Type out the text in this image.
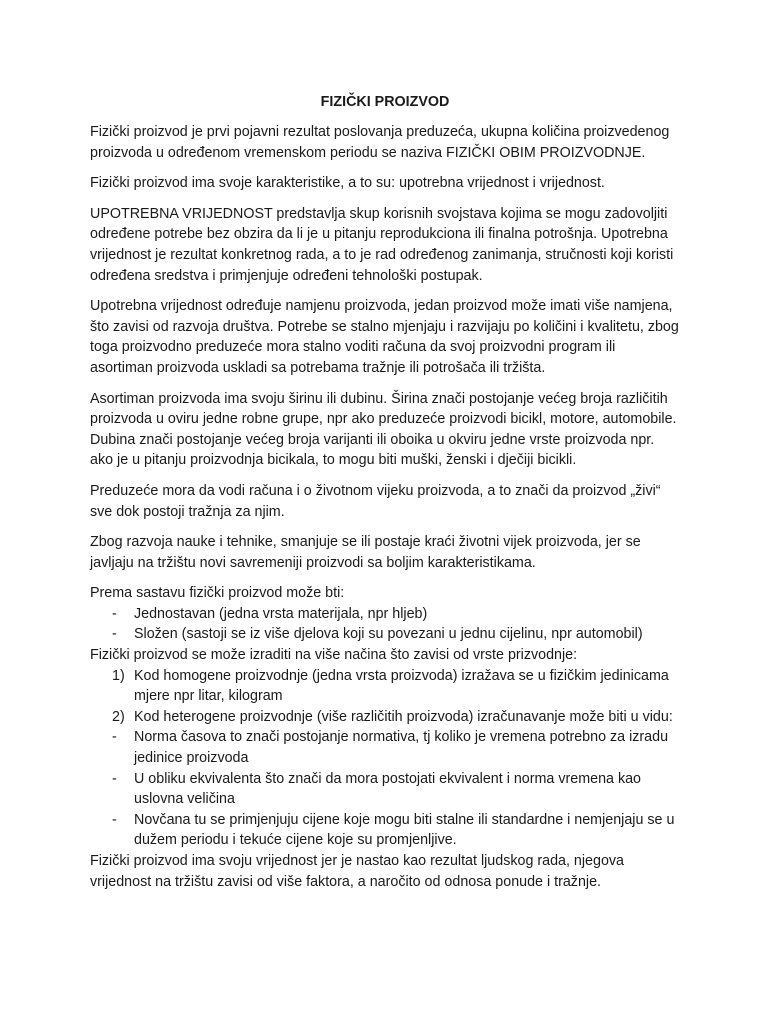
FIZIČKI PROIZVOD

Fizički proizvod je prvi pojavni rezultat poslovanja preduzeća, ukupna količina proizvedenog proizvoda u određenom vremenskom periodu se naziva FIZIČKI OBIM PROIZVODNJE.

Fizički proizvod ima svoje karakteristike, a to su: upotrebna vrijednost i vrijednost.

UPOTREBNA VRIJEDNOST predstavlja skup korisnih svojstava kojima se mogu zadovoljiti određene potrebe bez obzira da li je u pitanju reprodukciona ili finalna potrošnja. Upotrebna vrijednost je rezultat konkretnog rada, a to je rad određenog zanimanja, stručnosti koji koristi određena sredstva i primjenjuje određeni tehnološki postupak.

Upotrebna vrijednost određuje namjenu proizvoda, jedan proizvod može imati više namjena, što zavisi od razvoja društva. Potrebe se stalno mjenjaju i razvijaju po količini i kvalitetu, zbog toga proizvodno preduzeće mora stalno voditi računa da svoj proizvodni program ili asortiman proizvoda uskladi sa potrebama tražnje ili potrošača ili tržišta.

Asortiman proizvoda ima svoju širinu ili dubinu. Širina znači postojanje većeg broja različitih proizvoda u oviru jedne robne grupe, npr ako preduzeće proizvodi bicikl, motore, automobile. Dubina znači postojanje većeg broja varijanti ili oboika u okviru jedne vrste proizvoda npr. ako je u pitanju proizvodnja bicikala, to mogu biti muški, ženski i dječiji bicikli.

Preduzeće mora da vodi računa i o životnom vijeku proizvoda, a to znači da proizvod „živi“ sve dok postoji tražnja za njim.

Zbog razvoja nauke i tehnike, smanjuje se ili postaje kraći životni vijek proizvoda, jer se javljaju na tržištu novi savremeniji proizvodi sa boljim karakteristikama.

Prema sastavu fizički proizvod može bti:

-	Jednostavan (jedna vrsta materijala, npr hljeb)
-	Složen (sastoji se iz više djelova koji su povezani u jednu cijelinu, npr automobil)

Fizički proizvod se može izraditi na više načina što zavisi od vrste prizvodnje:

1) Kod homogene proizvodnje (jedna vrsta proizvoda) izražava se u fizičkim jedinicama mjere npr litar, kilogram
2) Kod heterogene proizvodnje (više različitih proizvoda) izračunavanje može biti u vidu:
-	Norma časova to znači postojanje normativa, tj koliko je vremena potrebno za izradu jedinice proizvoda
-	U obliku ekvivalenta što znači da mora postojati ekvivalent i norma vremena kao uslovna veličina
-	Novčana tu se primjenjuju cijene koje mogu biti stalne ili standardne i nemjenjaju se u dužem periodu i tekuće cijene koje su promjenljive.

Fizički proizvod ima svoju vrijednost jer je nastao kao rezultat ljudskog rada, njegova vrijednost na tržištu zavisi od više faktora, a naročito od odnosa ponude i tražnje.
